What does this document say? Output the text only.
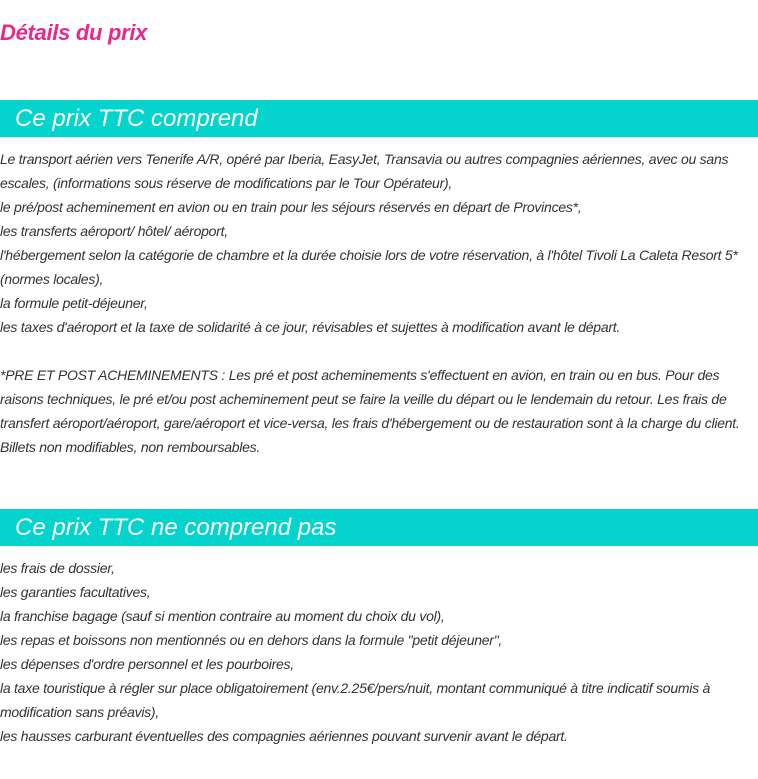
Détails du prix
Ce prix TTC comprend
Le transport aérien vers Tenerife A/R, opéré par Iberia, EasyJet, Transavia ou autres compagnies aériennes, avec ou sans escales, (informations sous réserve de modifications par le Tour Opérateur),
le pré/post acheminement en avion ou en train pour les séjours réservés en départ de Provinces*,
les transferts aéroport/ hôtel/ aéroport,
l'hébergement selon la catégorie de chambre et la durée choisie lors de votre réservation, à l'hôtel Tivoli La Caleta Resort 5* (normes locales),
la formule petit-déjeuner,
les taxes d'aéroport et la taxe de solidarité à ce jour, révisables et sujettes à modification avant le départ.
*PRE ET POST ACHEMINEMENTS : Les pré et post acheminements s'effectuent en avion, en train ou en bus. Pour des raisons techniques, le pré et/ou post acheminement peut se faire la veille du départ ou le lendemain du retour. Les frais de transfert aéroport/aéroport, gare/aéroport et vice-versa, les frais d'hébergement ou de restauration sont à la charge du client. Billets non modifiables, non remboursables.
Ce prix TTC ne comprend pas
les frais de dossier,
les garanties facultatives,
la franchise bagage (sauf si mention contraire au moment du choix du vol),
les repas et boissons non mentionnés ou en dehors dans la formule "petit déjeuner",
les dépenses d'ordre personnel et les pourboires,
la taxe touristique à régler sur place obligatoirement (env.2.25€/pers/nuit, montant communiqué à titre indicatif soumis à modification sans préavis),
les hausses carburant éventuelles des compagnies aériennes pouvant survenir avant le départ.
